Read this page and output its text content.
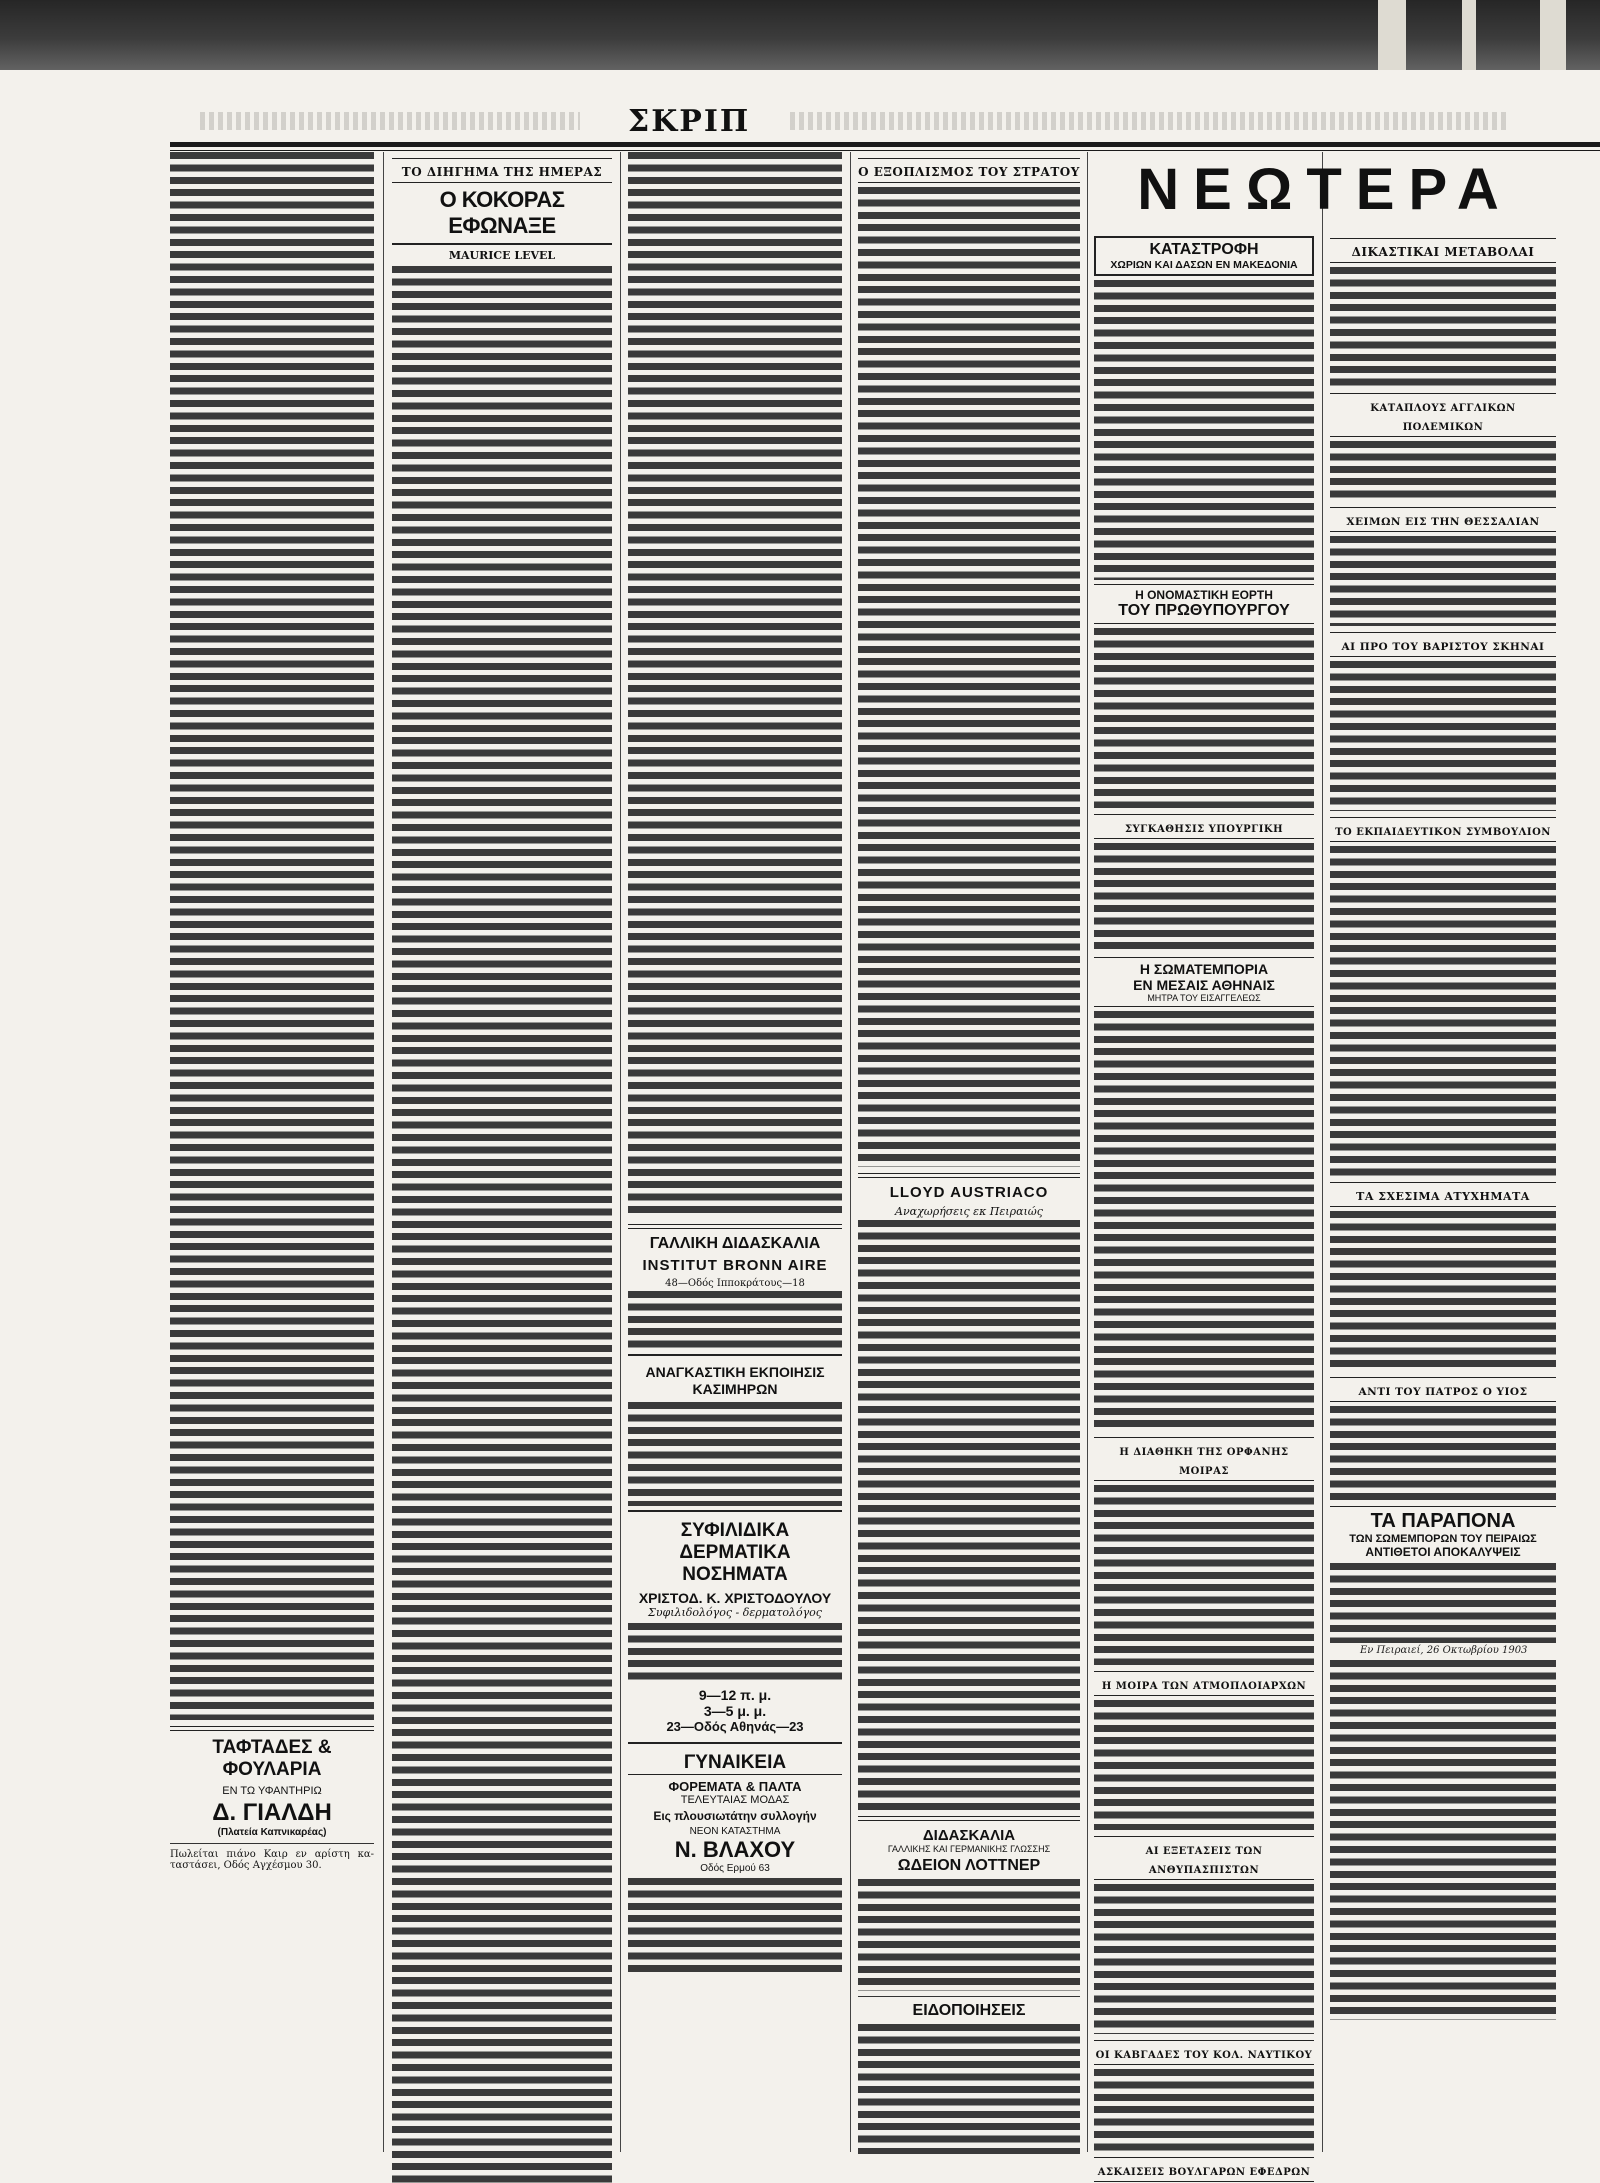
ΣΚΡΙΠ
ΤΑΦΤΑΔΕΣ & ΦΟΥΛΑΡΙΑ
ΕΝ ΤΩ ΥΦΑΝΤΗΡΙΩ
Δ. ΓΙΑΛΔΗ
(Πλατεία Καπνικαρέας)

Πωλείται πιάνο Καιρ εν αρίστη κα- ταστάσει, Οδός Αγχέσμου 30.

ΤΟ ΔΙΗΓΗΜΑ ΤΗΣ ΗΜΕΡΑΣ
Ο ΚΟΚΟΡΑΣ ΕΦΩΝΑΞΕ

MAURICE LEVEL

ΓΑΛΛΙΚΗ ΔΙΔΑΣΚΑΛΙΑ
INSTITUT BRONN AIRE

48—Οδός Ιπποκράτους—18

ΑΝΑΓΚΑΣΤΙΚΗ ΕΚΠΟΙΗΣΙΣ ΚΑΣΙΜΗΡΩΝ
ΣΥΦΙΛΙΔΙΚΑ
ΔΕΡΜΑΤΙΚΑ
ΝΟΣΗΜΑΤΑ
ΧΡΙΣΤΟΔ. Κ. ΧΡΙΣΤΟΔΟΥΛΟΥ
Συφιλιδολόγος - δερματολόγος
9—12 π. μ.
3—5 μ. μ.
23—Οδός Αθηνάς—23
ΓΥΝΑΙΚΕΙΑ
ΦΟΡΕΜΑΤΑ & ΠΑΛΤΑ
ΤΕΛΕΥΤΑΙΑΣ ΜΟΔΑΣ
Εις πλουσιωτάτην συλλογήν
ΝΕΟΝ ΚΑΤΑΣΤΗΜΑ
Ν. ΒΛΑΧΟΥ
Οδός Ερμού 63
Ο ΕΞΟΠΛΙΣΜΟΣ ΤΟΥ ΣΤΡΑΤΟΥ
LLOYD AUSTRIACO

Αναχωρήσεις εκ Πειραιώς

ΔΙΔΑΣΚΑΛΙΑ
ΓΑΛΛΙΚΗΣ ΚΑΙ ΓΕΡΜΑΝΙΚΗΣ ΓΛΩΣΣΗΣ
ΩΔΕΙΟΝ ΛΟΤΤΝΕΡ
ΕΙΔΟΠΟΙΗΣΕΙΣ
ΝΕΩΤΕΡΑ
ΚΑΤΑΣΤΡΟΦΗ
ΧΩΡΙΩΝ ΚΑΙ ΔΑΣΩΝ ΕΝ ΜΑΚΕΔΟΝΙΑ
Η ΟΝΟΜΑΣΤΙΚΗ ΕΟΡΤΗ
ΤΟΥ ΠΡΩΘΥΠΟΥΡΓΟΥ
ΣΥΓΚΑΘΗΣΙΣ ΥΠΟΥΡΓΙΚΗ
Η ΣΩΜΑΤΕΜΠΟΡΙΑ
ΕΝ ΜΕΣΑΙΣ ΑΘΗΝΑΙΣ
ΜΗΤΡΑ ΤΟΥ ΕΙΣΑΓΓΕΛΕΩΣ
Η ΔΙΑΘΗΚΗ ΤΗΣ ΟΡΦΑΝΗΣ ΜΟΙΡΑΣ
Η ΜΟΙΡΑ ΤΩΝ ΑΤΜΟΠΛΟΙΑΡΧΩΝ
ΑΙ ΕΞΕΤΑΣΕΙΣ ΤΩΝ ΑΝΘΥΠΑΣΠΙΣΤΩΝ
ΟΙ ΚΑΒΓΑΔΕΣ ΤΟΥ ΚΟΛ. ΝΑΥΤΙΚΟΥ
ΑΣΚΑΙΣΕΙΣ ΒΟΥΛΓΑΡΩΝ ΕΦΕΔΡΩΝ
ΔΙΚΑΣΤΙΚΑΙ ΜΕΤΑΒΟΛΑΙ
ΚΑΤΑΠΛΟΥΣ ΑΓΓΛΙΚΩΝ ΠΟΛΕΜΙΚΩΝ
ΧΕΙΜΩΝ ΕΙΣ ΤΗΝ ΘΕΣΣΑΛΙΑΝ
ΑΙ ΠΡΟ ΤΟΥ ΒΑΡΙΣΤΟΥ ΣΚΗΝΑΙ
ΤΟ ΕΚΠΑΙΔΕΥΤΙΚΟΝ ΣΥΜΒΟΥΛΙΟΝ
ΤΑ ΣΧΕΣΙΜΑ ΑΤΥΧΗΜΑΤΑ
ΑΝΤΙ ΤΟΥ ΠΑΤΡΟΣ Ο ΥΙΟΣ
ΤΑ ΠΑΡΑΠΟΝΑ
ΤΩΝ ΣΩΜΕΜΠΟΡΩΝ ΤΟΥ ΠΕΙΡΑΙΩΣ
ΑΝΤΙΘΕΤΟΙ ΑΠΟΚΑΛΥΨΕΙΣ

Εν Πειραιεί, 26 Οκτωβρίου 1903
